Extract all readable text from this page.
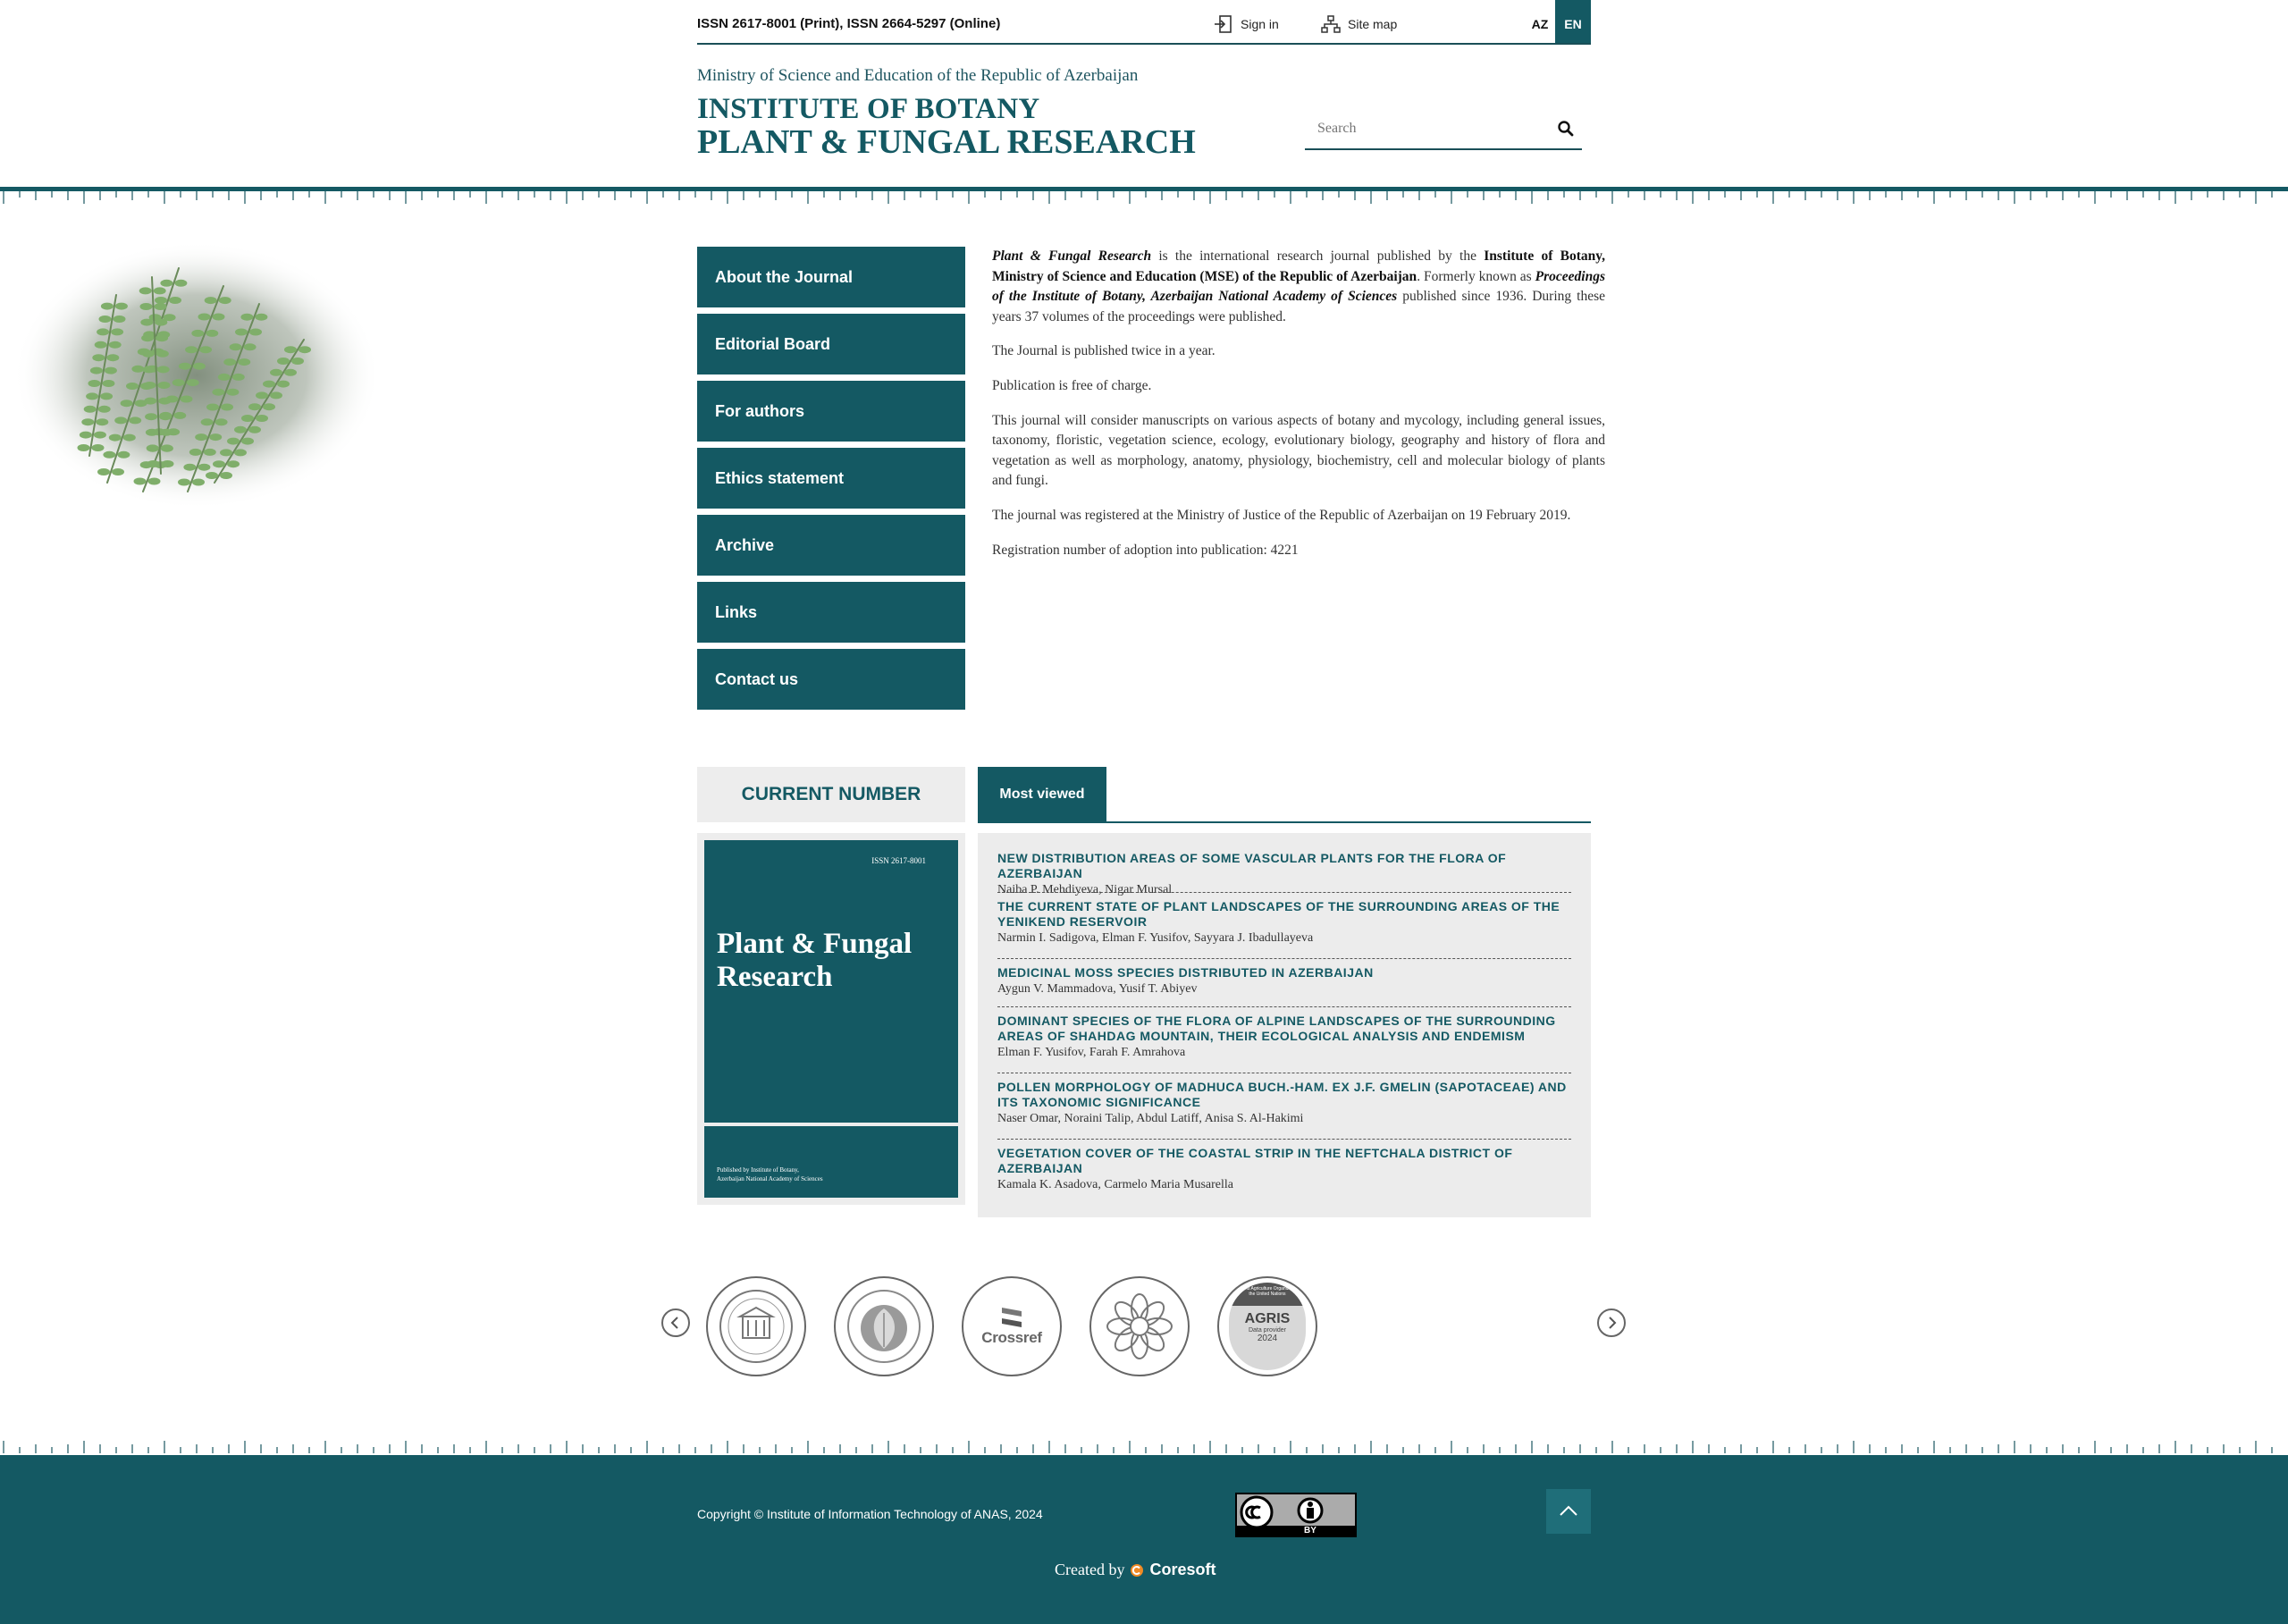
ISSN 2617-8001 (Print), ISSN 2664-5297 (Online)	Sign in	Site map	AZ	EN
Ministry of Science and Education of the Republic of Azerbaijan
INSTITUTE OF BOTANY
PLANT & FUNGAL RESEARCH
Search
About the Journal
Editorial Board
For authors
Ethics statement
Archive
Links
Contact us

Plant & Fungal Research is the international research journal published by the Institute of Botany, Ministry of Science and Education (MSE) of the Republic of Azerbaijan. Formerly known as Proceedings of the Institute of Botany, Azerbaijan National Academy of Sciences published since 1936. During these years 37 volumes of the proceedings were published.

The Journal is published twice in a year.

Publication is free of charge.

This journal will consider manuscripts on various aspects of botany and mycology, including general issues, taxonomy, floristic, vegetation science, ecology, evolutionary biology, geography and history of flora and vegetation as well as morphology, anatomy, physiology, biochemistry, cell and molecular biology of plants and fungi.

The journal was registered at the Ministry of Justice of the Republic of Azerbaijan on 19 February 2019.

Registration number of adoption into publication: 4221

CURRENT NUMBER
ISSN 2617-8001
Plant & Fungal Research
Published by Institute of Botany,
Azerbaijan National Academy of Sciences
Most viewed
NEW DISTRIBUTION AREAS OF SOME VASCULAR PLANTS FOR THE FLORA OF AZERBAIJAN
Naiba P. Mehdiyeva, Nigar Mursal
THE CURRENT STATE OF PLANT LANDSCAPES OF THE SURROUNDING AREAS OF THE YENIKEND RESERVOIR
Narmin I. Sadigova, Elman F. Yusifov, Sayyara J. Ibadullayeva
MEDICINAL MOSS SPECIES DISTRIBUTED IN AZERBAIJAN
Aygun V. Mammadova, Yusif T. Abiyev
DOMINANT SPECIES OF THE FLORA OF ALPINE LANDSCAPES OF THE SURROUNDING AREAS OF SHAHDAG MOUNTAIN, THEIR ECOLOGICAL ANALYSIS AND ENDEMISM
Elman F. Yusifov, Farah F. Amrahova
POLLEN MORPHOLOGY OF MADHUCA BUCH.-HAM. EX J.F. GMELIN (SAPOTACEAE) AND ITS TAXONOMIC SIGNIFICANCE
Naser Omar, Noraini Talip, Abdul Latiff, Anisa S. Al-Hakimi
VEGETATION COVER OF THE COASTAL STRIP IN THE NEFTCHALA DISTRICT OF AZERBAIJAN
Kamala K. Asadova, Carmelo Maria Musarella
Crossref
Food and Agriculture Organization of the United Nations
AGRIS
Data provider
2024
Copyright © Institute of Information Technology of ANAS, 2024
BY
Created by Coresoft
